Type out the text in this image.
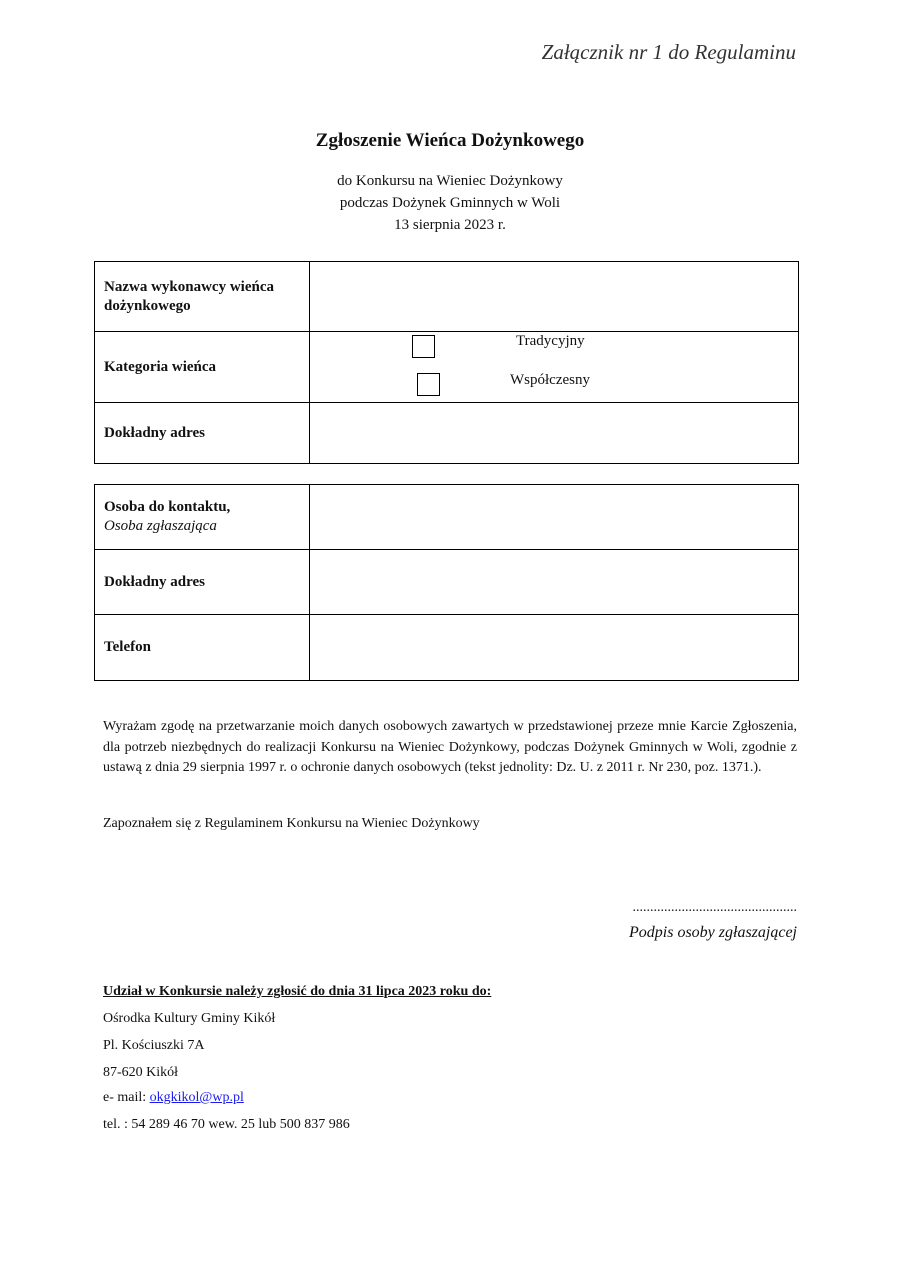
Załącznik nr 1 do Regulaminu
Zgłoszenie Wieńca Dożynkowego
do Konkursu na Wieniec Dożynkowy
podczas Dożynek Gminnych w Woli
13 sierpnia 2023 r.
Nazwa wykonawcy wieńca dożynkowego	
Kategoria wieńca	Tradycyjny
Współczesny

Dokładny adres	
Osoba do kontaktu,
Osoba zgłaszająca	

Dokładny adres	
Telefon	
Wyrażam zgodę na przetwarzanie moich danych osobowych zawartych w przedstawionej przeze mnie Karcie Zgłoszenia, dla potrzeb niezbędnych do realizacji Konkursu na Wieniec Dożynkowy, podczas Dożynek Gminnych w Woli, zgodnie z ustawą z dnia 29 sierpnia 1997 r. o ochronie danych osobowych (tekst jednolity: Dz. U. z 2011 r. Nr 230, poz. 1371.).
Zapoznałem się z Regulaminem Konkursu na Wieniec Dożynkowy
...............................................
Podpis osoby zgłaszającej
Udział w Konkursie należy zgłosić do dnia 31 lipca 2023 roku do:
Ośrodka Kultury Gminy Kikół
Pl. Kościuszki 7A
87-620 Kikół
e- mail: okgkikol@wp.pl
tel. : 54 289 46 70 wew. 25 lub 500 837 986
